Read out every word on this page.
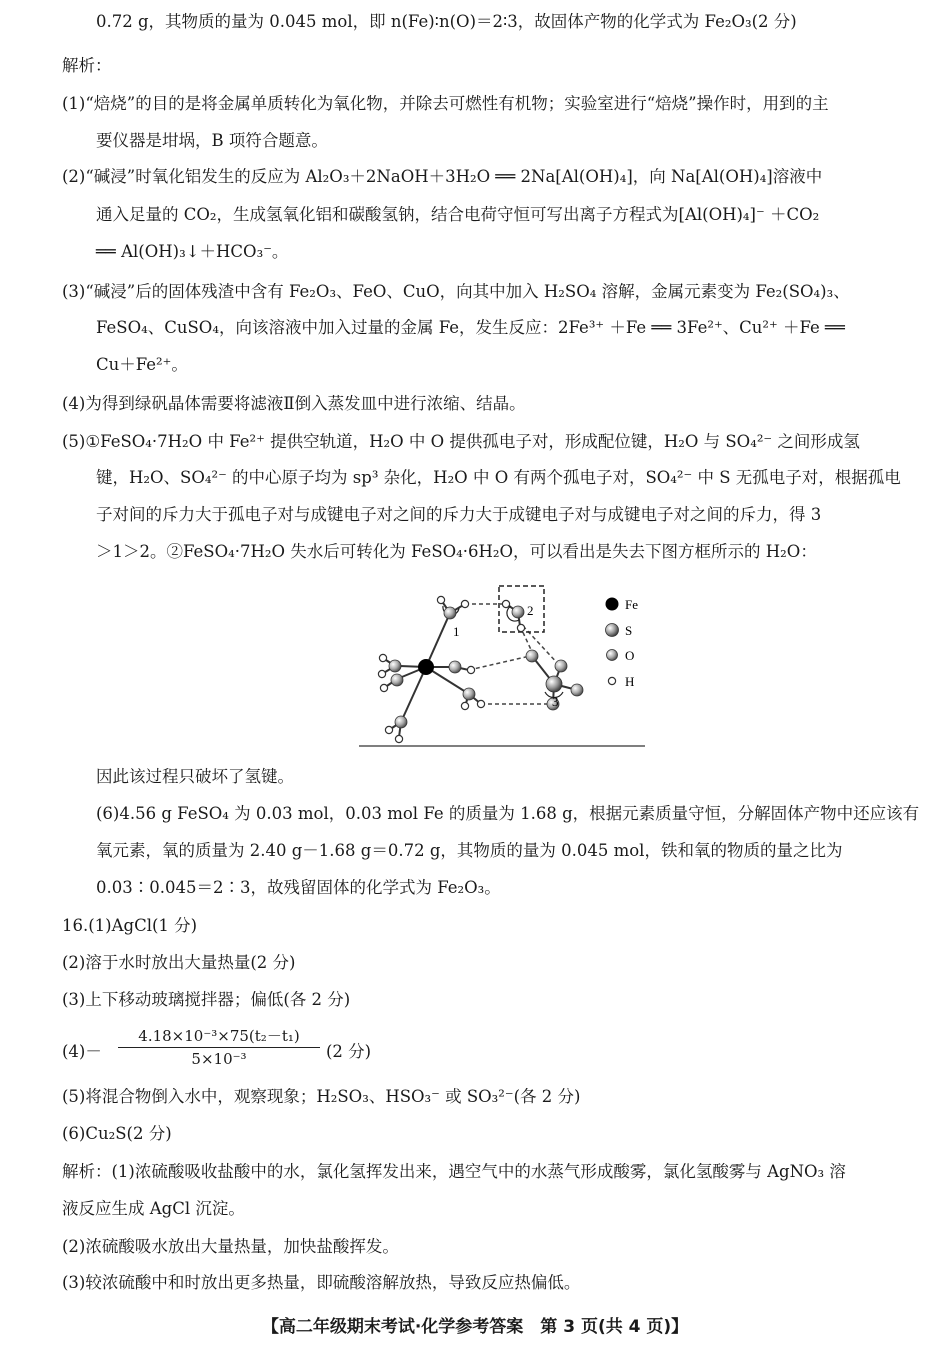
0.72 g，其物质的量为 0.045 mol，即 n(Fe)∶n(O)＝2∶3，故固体产物的化学式为 Fe₂O₃(2 分)
解析：
(1)“焙烧”的目的是将金属单质转化为氧化物，并除去可燃性有机物；实验室进行“焙烧”操作时，用到的主
要仪器是坩埚，B 项符合题意。
(2)“碱浸”时氧化铝发生的反应为 Al₂O₃＋2NaOH＋3H₂O ══ 2Na[Al(OH)₄]，向 Na[Al(OH)₄]溶液中
通入足量的 CO₂，生成氢氧化铝和碳酸氢钠，结合电荷守恒可写出离子方程式为[Al(OH)₄]⁻ ＋CO₂
══ Al(OH)₃↓＋HCO₃⁻。
(3)“碱浸”后的固体残渣中含有 Fe₂O₃、FeO、CuO，向其中加入 H₂SO₄ 溶解，金属元素变为 Fe₂(SO₄)₃、
FeSO₄、CuSO₄，向该溶液中加入过量的金属 Fe，发生反应：2Fe³⁺ ＋Fe ══ 3Fe²⁺、Cu²⁺ ＋Fe ══
Cu＋Fe²⁺。
(4)为得到绿矾晶体需要将滤液Ⅱ倒入蒸发皿中进行浓缩、结晶。
(5)①FeSO₄·7H₂O 中 Fe²⁺ 提供空轨道，H₂O 中 O 提供孤电子对，形成配位键，H₂O 与 SO₄²⁻ 之间形成氢
键，H₂O、SO₄²⁻ 的中心原子均为 sp³ 杂化，H₂O 中 O 有两个孤电子对，SO₄²⁻ 中 S 无孤电子对，根据孤电
子对间的斥力大于孤电子对与成键电子对之间的斥力大于成键电子对与成键电子对之间的斥力，得 3
＞1＞2。②FeSO₄·7H₂O 失水后可转化为 FeSO₄·6H₂O，可以看出是失去下图方框所示的 H₂O：
1
2
3
Fe
S
O
H
因此该过程只破坏了氢键。
(6)4.56 g FeSO₄ 为 0.03 mol，0.03 mol Fe 的质量为 1.68 g，根据元素质量守恒，分解固体产物中还应该有
氧元素，氧的质量为 2.40 g－1.68 g＝0.72 g，其物质的量为 0.045 mol，铁和氧的物质的量之比为
0.03∶0.045＝2∶3，故残留固体的化学式为 Fe₂O₃。
16.(1)AgCl(1 分)
(2)溶于水时放出大量热量(2 分)
(3)上下移动玻璃搅拌器；偏低(各 2 分)
(4)－
4.18×10⁻³×75(t₂－t₁)
5×10⁻³	(2 分)
(5)将混合物倒入水中，观察现象；H₂SO₃、HSO₃⁻ 或 SO₃²⁻(各 2 分)
(6)Cu₂S(2 分)
解析：(1)浓硫酸吸收盐酸中的水，氯化氢挥发出来，遇空气中的水蒸气形成酸雾，氯化氢酸雾与 AgNO₃ 溶
液反应生成 AgCl 沉淀。
(2)浓硫酸吸水放出大量热量，加快盐酸挥发。
(3)较浓硫酸中和时放出更多热量，即硫酸溶解放热，导致反应热偏低。
【高二年级期末考试·化学参考答案　第 3 页(共 4 页)】
